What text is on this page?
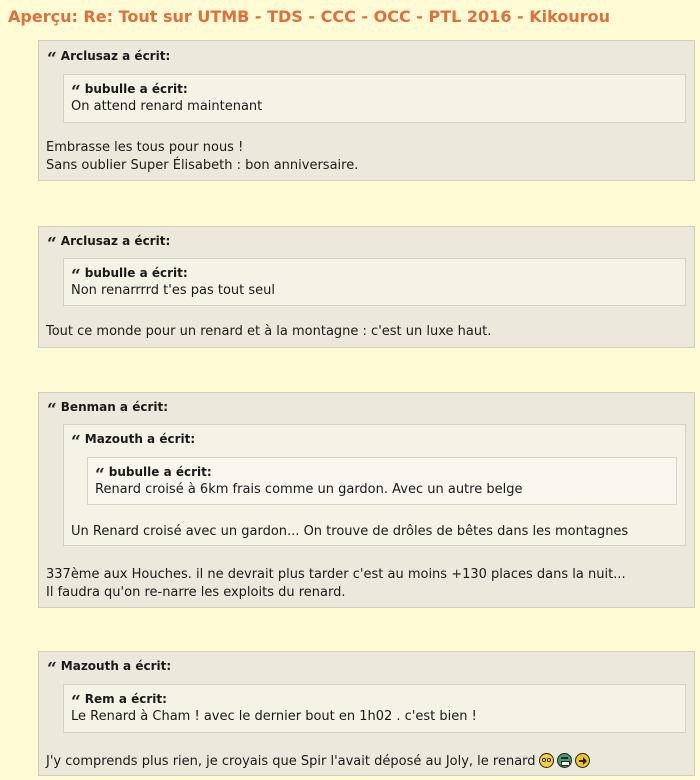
Aperçu: Re: Tout sur UTMB - TDS - CCC - OCC - PTL 2016 - Kikourou
“ Arclusaz a écrit:
“ bubulle a écrit:
On attend renard maintenant
Embrasse les tous pour nous !
Sans oublier Super Élisabeth : bon anniversaire.
“ Arclusaz a écrit:
“ bubulle a écrit:
Non renarrrrd t'es pas tout seul
Tout ce monde pour un renard et à la montagne : c'est un luxe haut.
“ Benman a écrit:
“ Mazouth a écrit:
“ bubulle a écrit:
Renard croisé à 6km frais comme un gardon. Avec un autre belge
Un Renard croisé avec un gardon... On trouve de drôles de bêtes dans les montagnes
337ème aux Houches. il ne devrait plus tarder c'est au moins +130 places dans la nuit...
Il faudra qu'on re-narre les exploits du renard.
“ Mazouth a écrit:
“ Rem a écrit:
Le Renard à Cham ! avec le dernier bout en 1h02 . c'est bien !
J'y comprends plus rien, je croyais que Spir l'avait déposé au Joly, le renard
